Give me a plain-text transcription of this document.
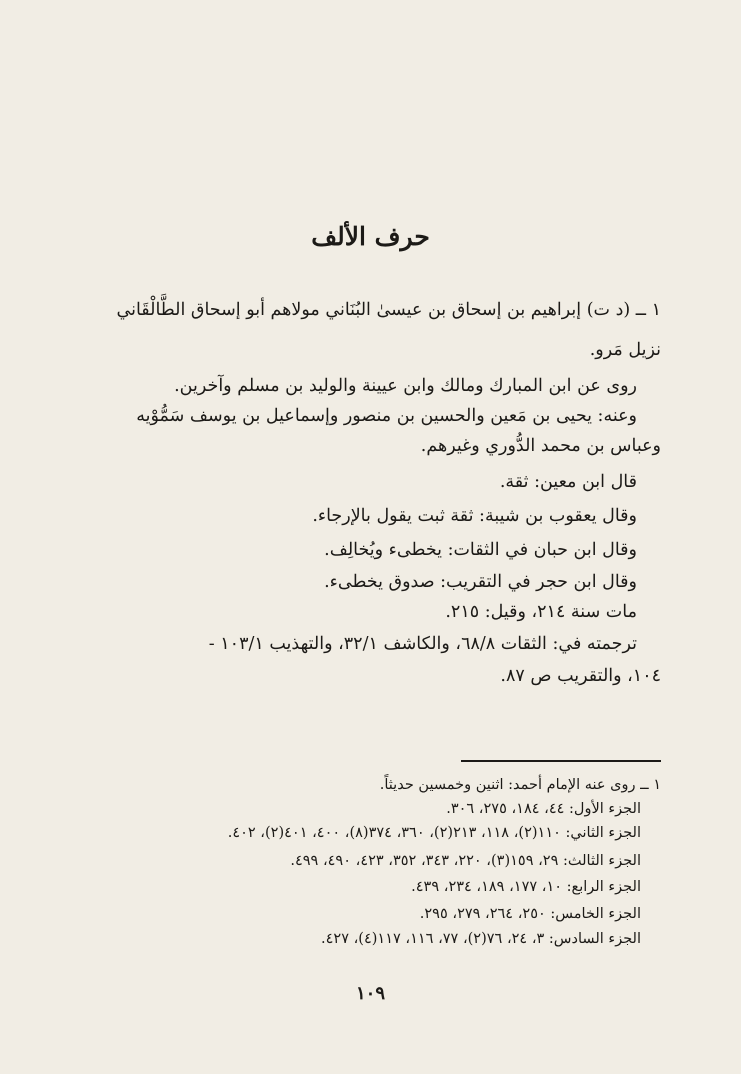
حرف الألف
١ ــ (د ت) إبراهيم بن إسحاق بن عيسىٰ البُنَاني مولاهم أبو إسحاق الطَّالْقَاني
نزيل مَرو.
روى عن ابن المبارك ومالك وابن عيينة والوليد بن مسلم وآخرين.
وعنه: يحيى بن مَعين والحسين بن منصور وإسماعيل بن يوسف سَمُّوْيه
وعباس بن محمد الدُّوري وغيرهم.
قال ابن معين: ثقة.
وقال يعقوب بن شيبة: ثقة ثبت يقول بالإرجاء.
وقال ابن حبان في الثقات: يخطىء ويُخالِف.
وقال ابن حجر في التقريب: صدوق يخطىء.
مات سنة ٢١٤، وقيل: ٢١٥.
ترجمته في: الثقات ٦٨/٨، والكاشف ٣٢/١، والتهذيب ١٠٣/١ -
١٠٤، والتقريب ص ٨٧.
١ ــ روى عنه الإمام أحمد: اثنين وخمسين حديثاً.
الجزء الأول: ٤٤، ١٨٤، ٢٧٥، ٣٠٦.
الجزء الثاني: ١١٠(٢)، ١١٨، ٢١٣(٢)، ٣٦٠، ٣٧٤(٨)، ٤٠٠، ٤٠١(٢)، ٤٠٢.
الجزء الثالث: ٢٩، ١٥٩(٣)، ٢٢٠، ٣٤٣، ٣٥٢، ٤٢٣، ٤٩٠، ٤٩٩.
الجزء الرابع: ١٠، ١٧٧، ١٨٩، ٢٣٤، ٤٣٩.
الجزء الخامس: ٢٥٠، ٢٦٤، ٢٧٩، ٢٩٥.
الجزء السادس: ٣، ٢٤، ٧٦(٢)، ٧٧، ١١٦، ١١٧(٤)، ٤٢٧.
١٠٩
